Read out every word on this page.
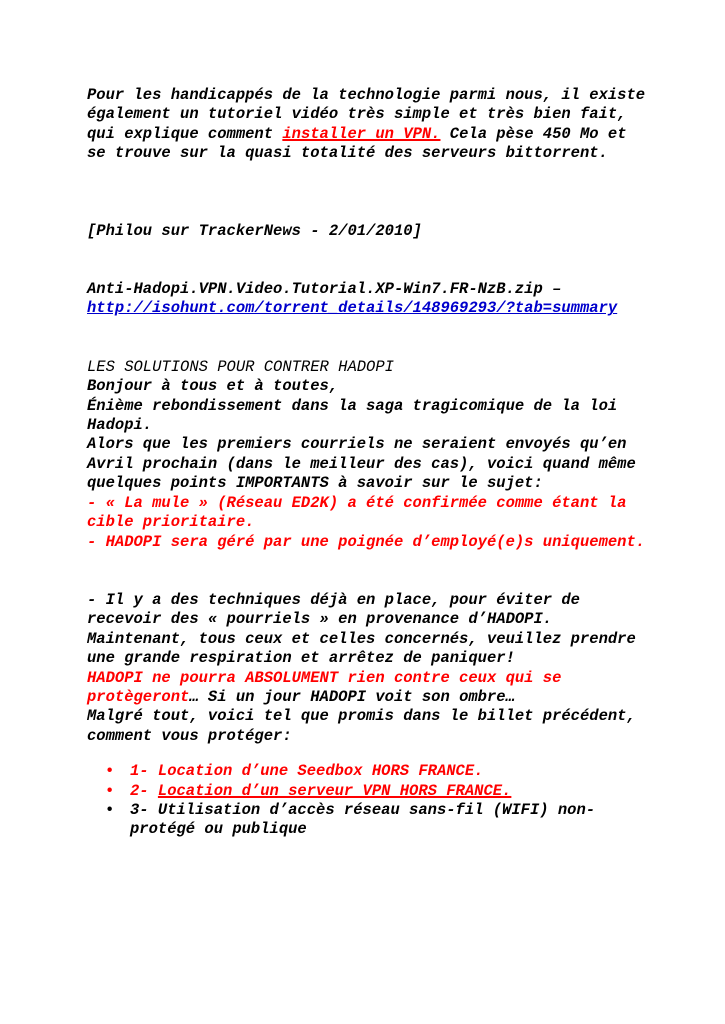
Pour les handicappés de la technologie parmi nous, il existe également un tutoriel vidéo très simple et très bien fait, qui explique comment installer un VPN. Cela pèse 450 Mo et se trouve sur la quasi totalité des serveurs bittorrent.

[Philou sur TrackerNews - 2/01/2010]

Anti-Hadopi.VPN.Video.Tutorial.XP-Win7.FR-NzB.zip –

http://isohunt.com/torrent_details/148969293/?tab=summary

LES SOLUTIONS POUR CONTRER HADOPI

Bonjour à tous et à toutes,

Énième rebondissement dans la saga tragicomique de la loi Hadopi.

Alors que les premiers courriels ne seraient envoyés qu’en Avril prochain (dans le meilleur des cas), voici quand même quelques points IMPORTANTS à savoir sur le sujet:

- « La mule » (Réseau ED2K) a été confirmée comme étant la cible prioritaire.

- HADOPI sera géré par une poignée d’employé(e)s uniquement.

- Il y a des techniques déjà en place, pour éviter de recevoir des « pourriels » en provenance d’HADOPI. Maintenant, tous ceux et celles concernés, veuillez prendre une grande respiration et arrêtez de paniquer!

HADOPI ne pourra ABSOLUMENT rien contre ceux qui se protègeront… Si un jour HADOPI voit son ombre…

Malgré tout, voici tel que promis dans le billet précédent, comment vous protéger:

• 1- Location d’une Seedbox HORS FRANCE.
• 2- Location d’un serveur VPN HORS FRANCE.
• 3- Utilisation d’accès réseau sans-fil (WIFI) non-protégé ou publique
